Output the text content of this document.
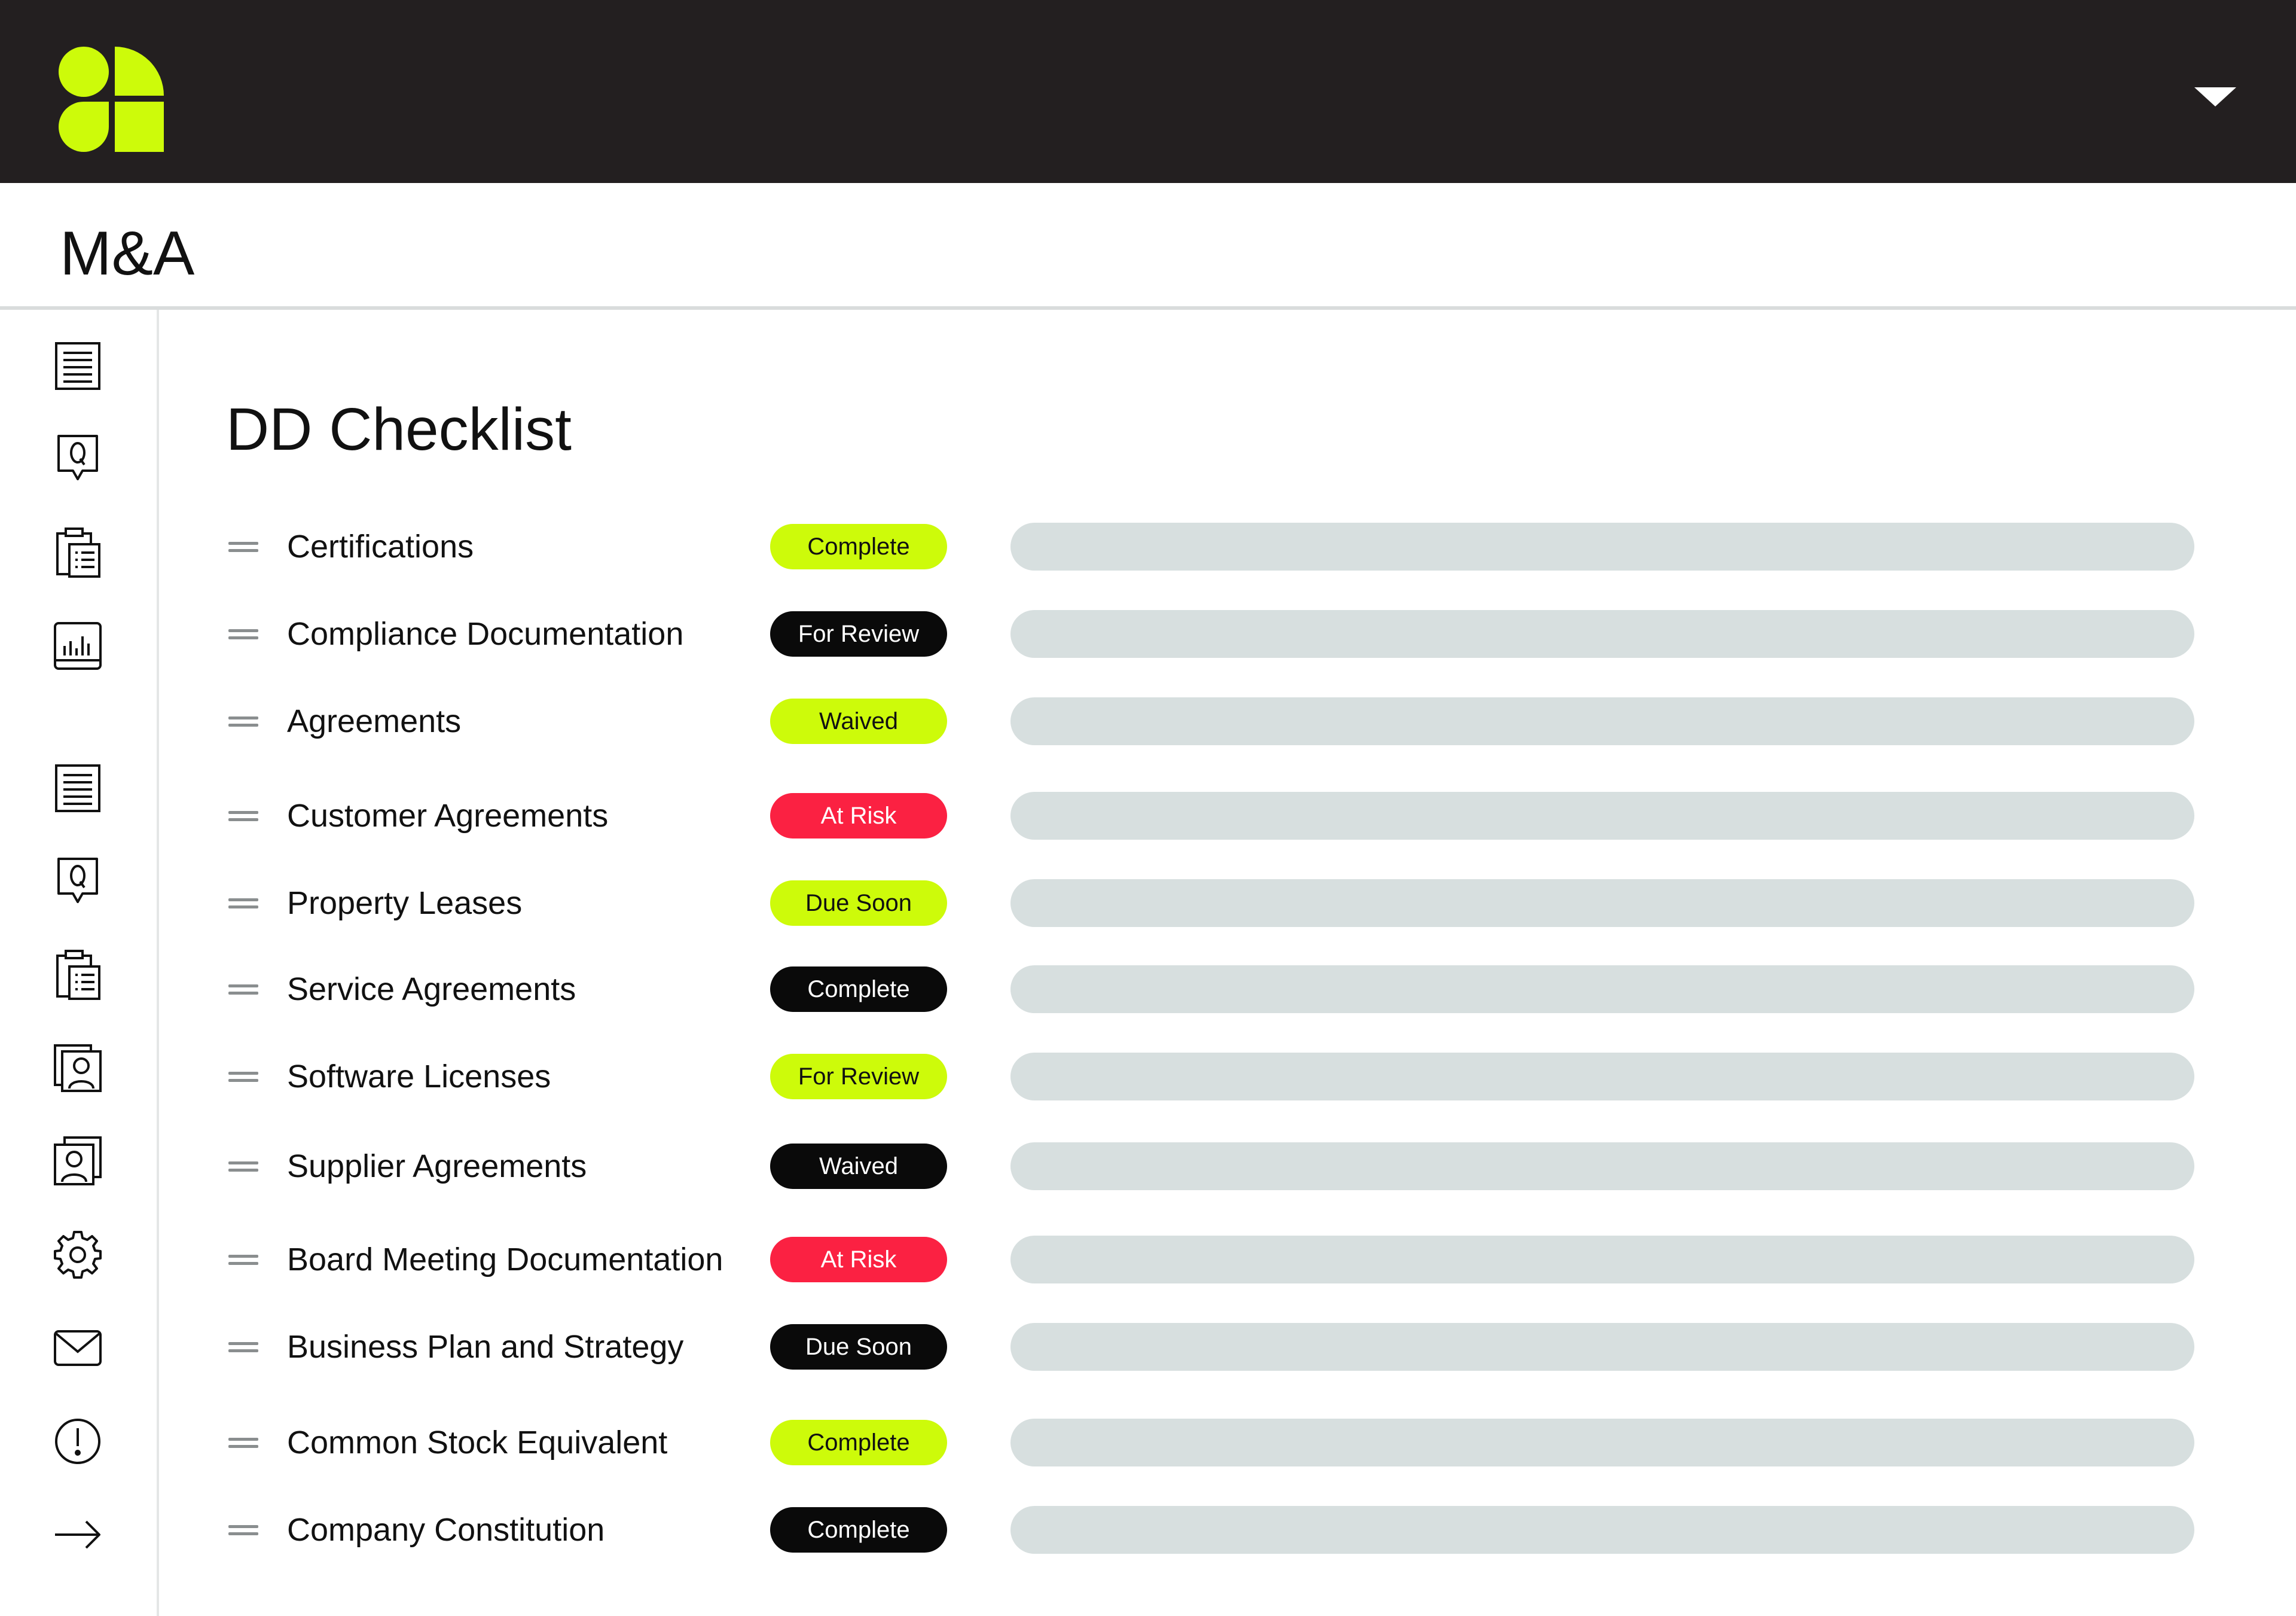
M&A
DD Checklist
Certifications	Complete
Compliance Documentation	For Review
Agreements	Waived
Customer Agreements	At Risk
Property Leases	Due Soon
Service Agreements	Complete
Software Licenses	For Review
Supplier Agreements	Waived
Board Meeting Documentation	At Risk
Business Plan and Strategy	Due Soon
Common Stock Equivalent	Complete
Company Constitution	Complete
